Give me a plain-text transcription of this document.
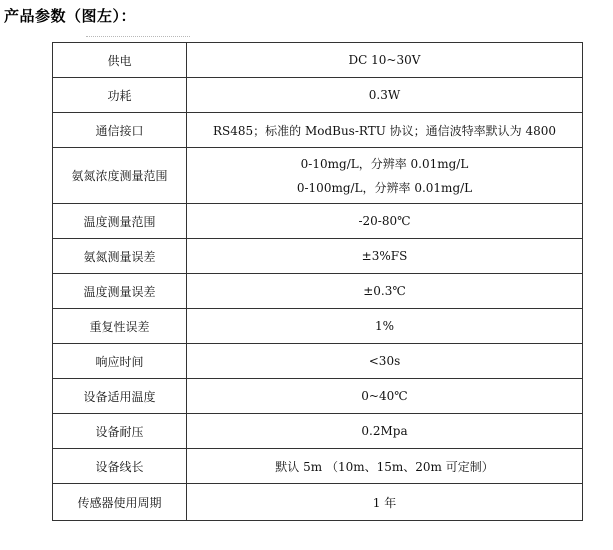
产品参数（图左）：
供电	DC 10~30V
功耗	0.3W
通信接口	RS485；标准的 ModBus-RTU 协议；通信波特率默认为 4800
氨氮浓度测量范围	0-10mg/L，分辨率 0.01mg/L
0-100mg/L，分辨率 0.01mg/L

温度测量范围	-20-80℃
氨氮测量误差	±3%FS
温度测量误差	±0.3℃
重复性误差	1%
响应时间	<30s
设备适用温度	0~40℃
设备耐压	0.2Mpa
设备线长	默认 5m （10m、15m、20m 可定制）
传感器使用周期	1 年
